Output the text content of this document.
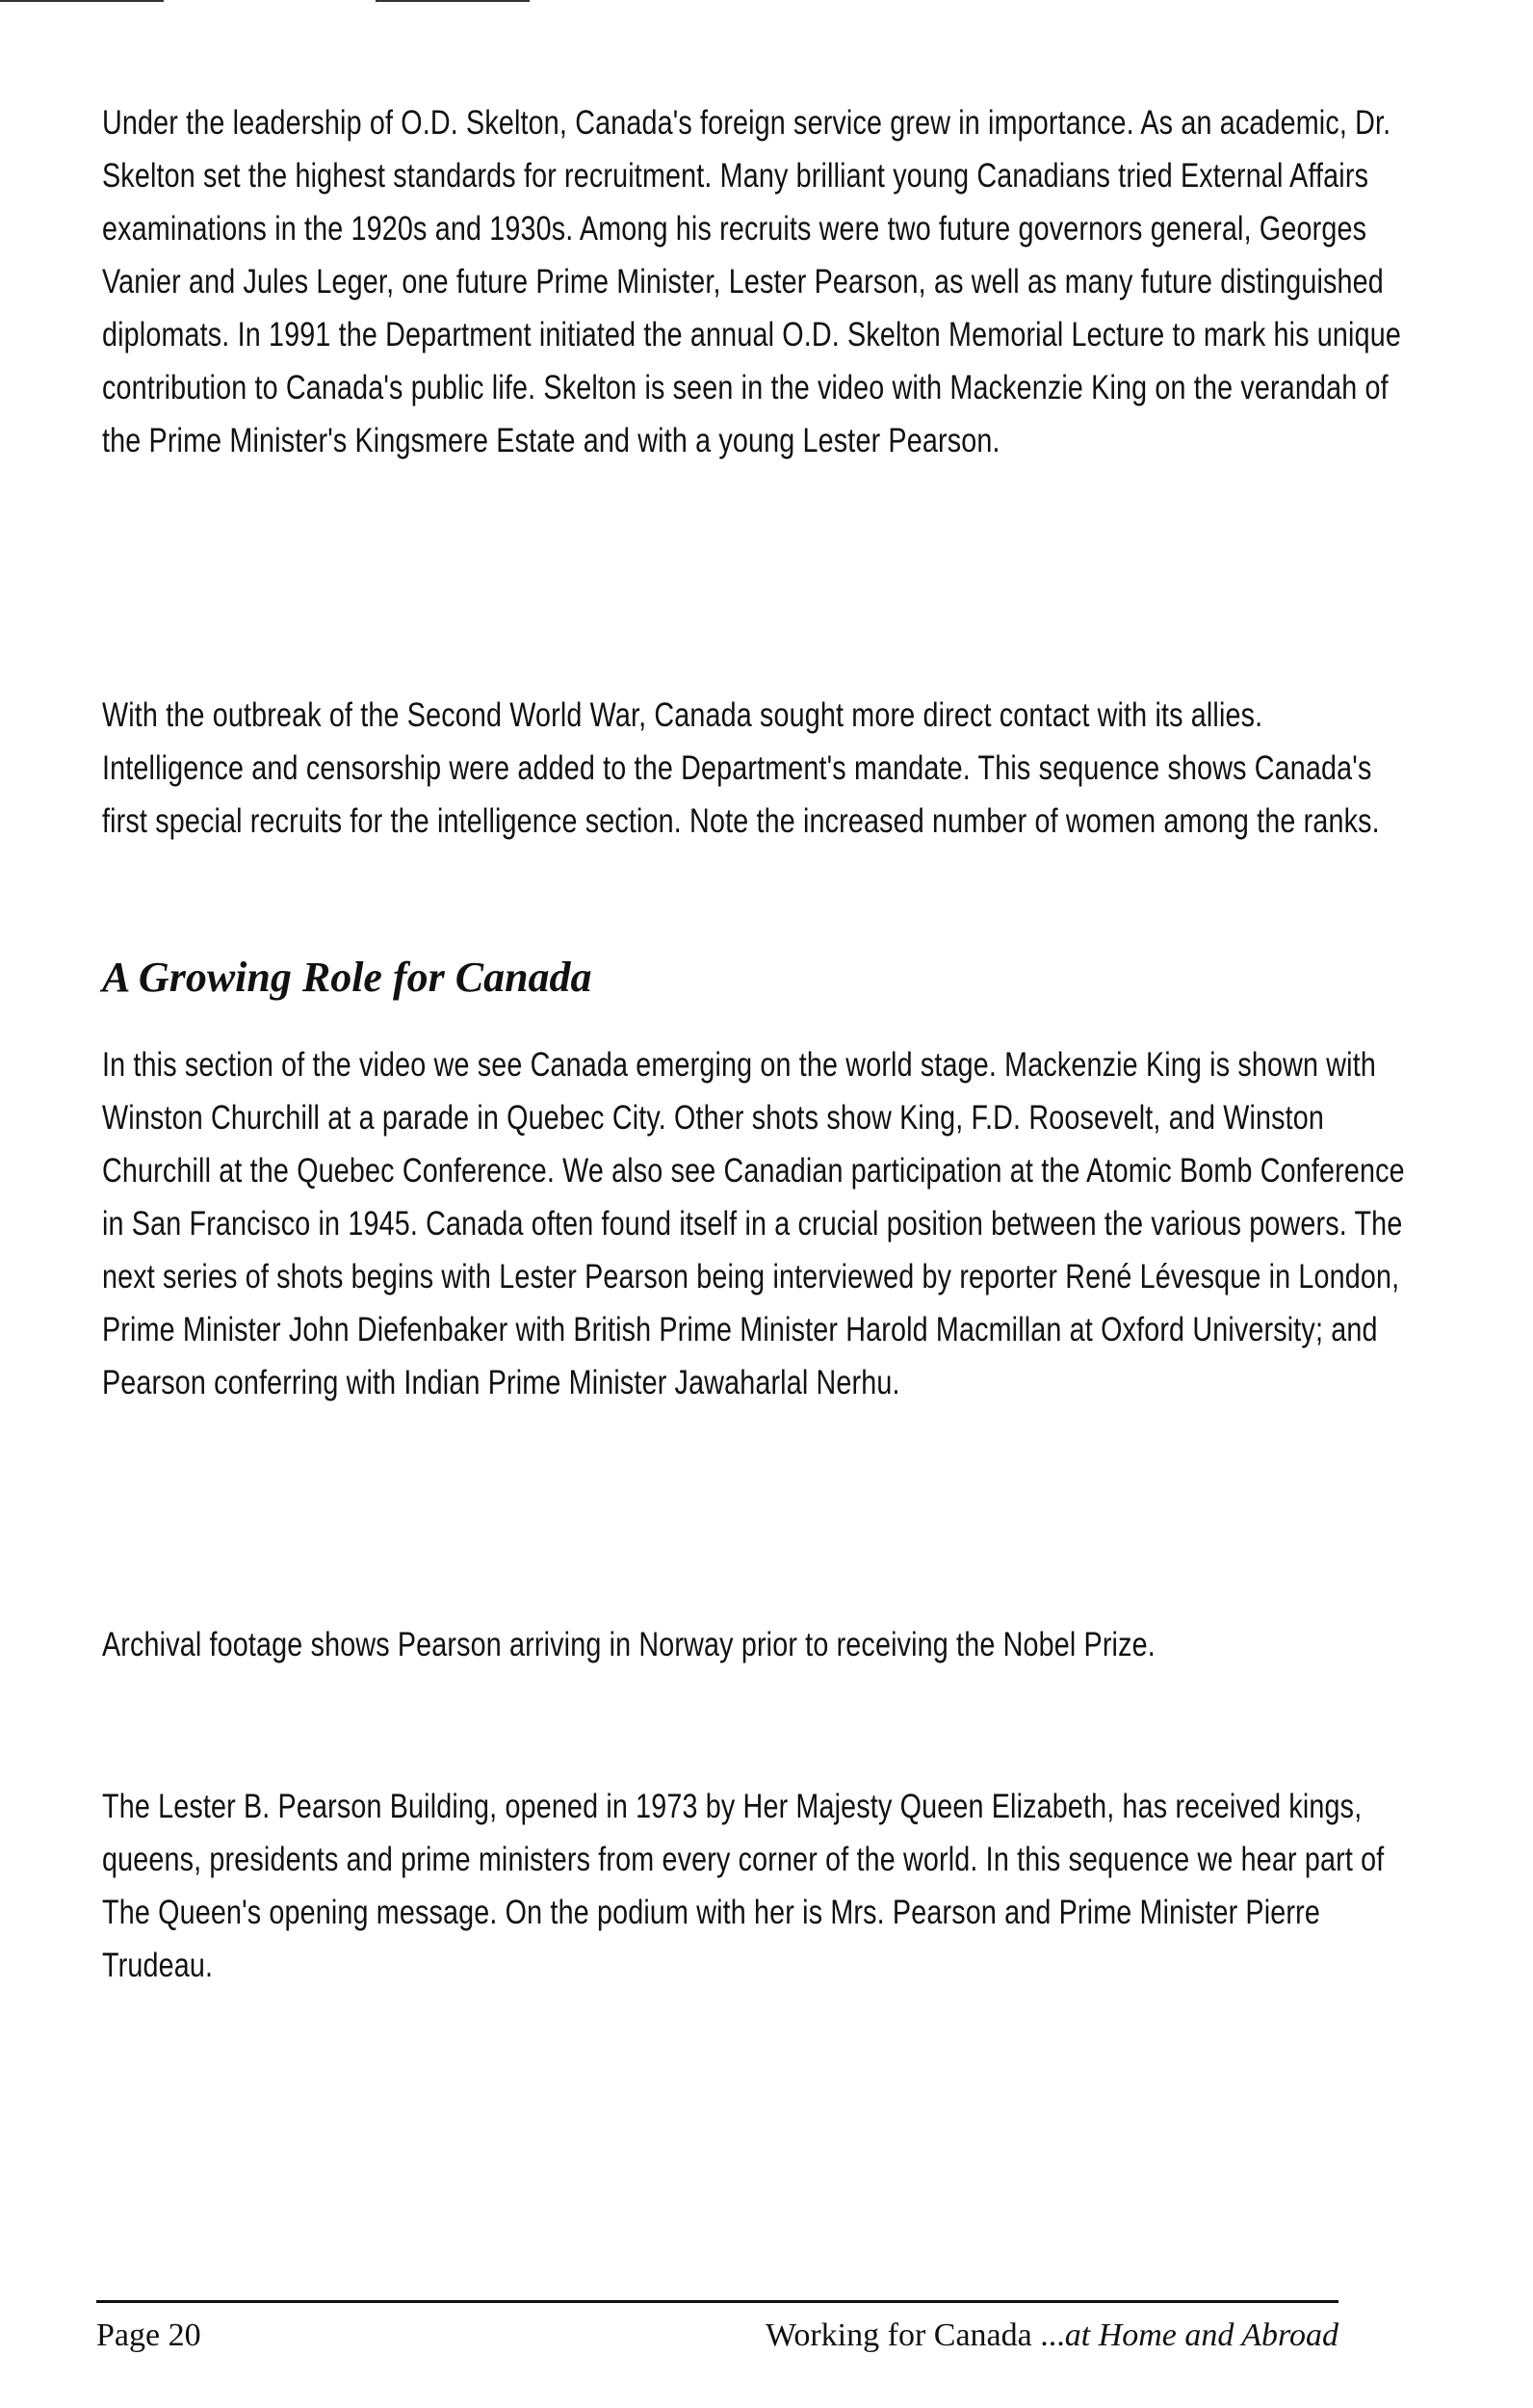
Under the leadership of O.D. Skelton, Canada's foreign service grew in importance. As an academic, Dr. Skelton set the highest standards for recruitment. Many brilliant young Canadians tried External Affairs examinations in the 1920s and 1930s. Among his recruits were two future governors general, Georges Vanier and Jules Leger, one future Prime Minister, Lester Pearson, as well as many future distinguished diplomats. In 1991 the Department initiated the annual O.D. Skelton Memorial Lecture to mark his unique contribution to Canada's public life. Skelton is seen in the video with Mackenzie King on the verandah of the Prime Minister's Kingsmere Estate and with a young Lester Pearson.

With the outbreak of the Second World War, Canada sought more direct contact with its allies. Intelligence and censorship were added to the Department's mandate. This sequence shows Canada's first special recruits for the intelligence section. Note the increased number of women among the ranks.

A Growing Role for Canada

In this section of the video we see Canada emerging on the world stage. Mackenzie King is shown with Winston Churchill at a parade in Quebec City. Other shots show King, F.D. Roosevelt, and Winston Churchill at the Quebec Conference. We also see Canadian participation at the Atomic Bomb Conference in San Francisco in 1945. Canada often found itself in a crucial position between the various powers. The next series of shots begins with Lester Pearson being interviewed by reporter René Lévesque in London, Prime Minister John Diefenbaker with British Prime Minister Harold Macmillan at Oxford University; and Pearson conferring with Indian Prime Minister Jawaharlal Nerhu.

Archival footage shows Pearson arriving in Norway prior to receiving the Nobel Prize.

The Lester B. Pearson Building, opened in 1973 by Her Majesty Queen Elizabeth, has received kings, queens, presidents and prime ministers from every corner of the world. In this sequence we hear part of The Queen's opening message. On the podium with her is Mrs. Pearson and Prime Minister Pierre Trudeau.

Page 20	Working for Canada ...at Home and Abroad
